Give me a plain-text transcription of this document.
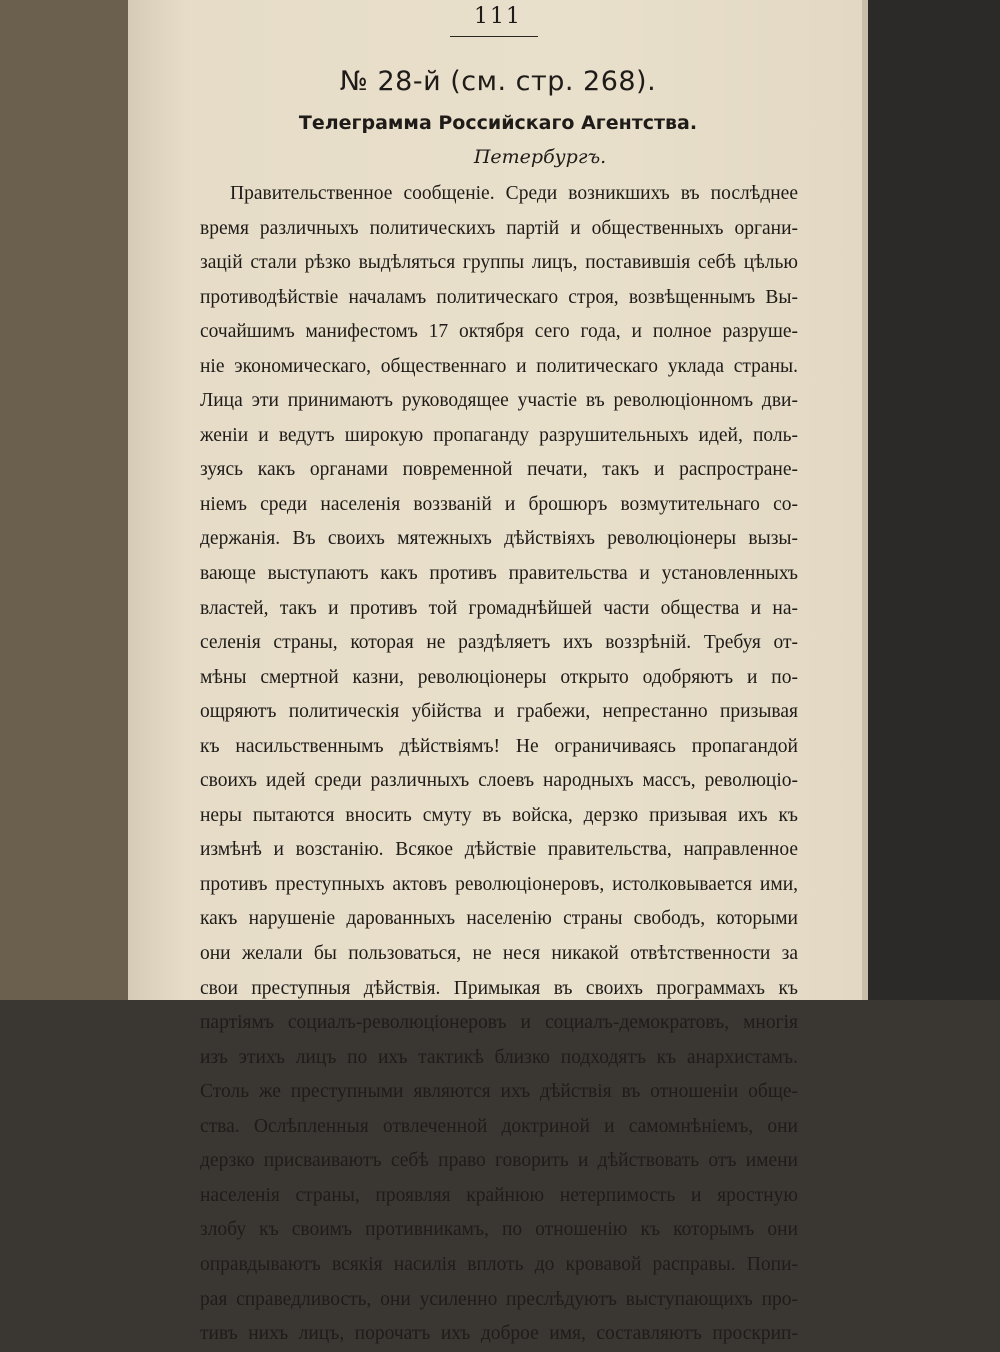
111
№ 28-й (см. стр. 268).
Телеграмма Российскаго Агентства.
Петербургъ.
Правительственное сообщенiе. Среди возникшихъ въ послѣднее
время различныхъ политическихъ партiй и общественныхъ органи-
зацiй стали рѣзко выдѣляться группы лицъ, поставившiя себѣ цѣлью
противодѣйствiе началамъ политическаго строя, возвѣщеннымъ Вы-
сочайшимъ манифестомъ 17 октября сего года, и полное разруше-
нiе экономическаго, общественнаго и политическаго уклада страны.
Лица эти принимаютъ руководящее участiе въ революцiонномъ дви-
женiи и ведутъ широкую пропаганду разрушительныхъ идей, поль-
зуясь какъ органами повременной печати, такъ и распростране-
нiемъ среди населенiя воззванiй и брошюръ возмутительнаго со-
держанiя. Въ своихъ мятежныхъ дѣйствiяхъ революцiонеры вызы-
вающе выступаютъ какъ противъ правительства и установленныхъ
властей, такъ и противъ той громаднѣйшей части общества и на-
селенiя страны, которая не раздѣляетъ ихъ воззрѣнiй. Требуя от-
мѣны смертной казни, революцiонеры открыто одобряютъ и по-
ощряютъ политическiя убiйства и грабежи, непрестанно призывая
къ насильственнымъ дѣйствiямъ! Не ограничиваясь пропагандой
своихъ идей среди различныхъ слоевъ народныхъ массъ, революцiо-
неры пытаются вносить смуту въ войска, дерзко призывая ихъ къ
измѣнѣ и возстанiю. Всякое дѣйствiе правительства, направленное
противъ преступныхъ актовъ революцiонеровъ, истолковывается ими,
какъ нарушенiе дарованныхъ населенiю страны свободъ, которыми
они желали бы пользоваться, не неся никакой отвѣтственности за
свои преступныя дѣйствiя. Примыкая въ своихъ программахъ къ
партiямъ социалъ-революцiонеровъ и социалъ-демократовъ, многiя
изъ этихъ лицъ по ихъ тактикѣ близко подходятъ къ анархистамъ.
Столь же преступными являются ихъ дѣйствiя въ отношенiи обще-
ства. Ослѣпленныя отвлеченной доктриной и самомнѣнiемъ, они
дерзко присваиваютъ себѣ право говорить и дѣйствовать отъ имени
населенiя страны, проявляя крайнюю нетерпимость и яростную
злобу къ своимъ противникамъ, по отношенiю къ которымъ они
оправдываютъ всякiя насилiя вплоть до кровавой расправы. Попи-
рая справедливость, они усиленно преслѣдуютъ выступающихъ про-
тивъ нихъ лицъ, порочатъ ихъ доброе имя, составляютъ проскрип-
